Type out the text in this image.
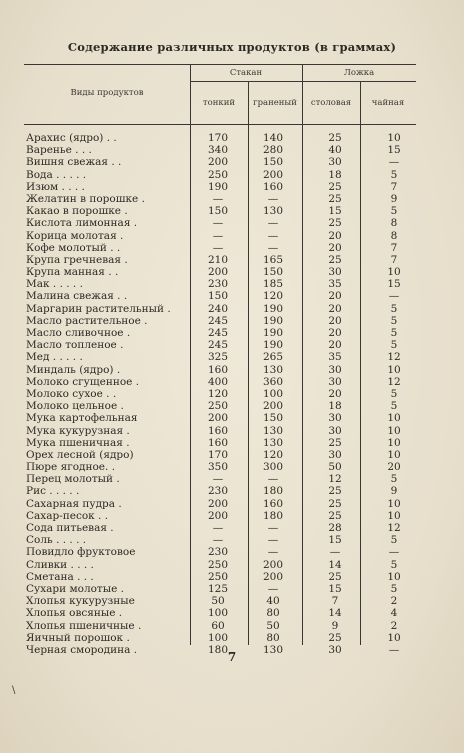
Содержание различных продуктов (в граммах)
Виды продуктов
Стакан	Ложка
тонкий	граненый	столовая	чайная
Арахис (ядро) . .	170	140	25	10
Варенье . . .	340	280	40	15
Вишня свежая . .	200	150	30	—
Вода . . . . .	250	200	18	5
Изюм . . . .	190	160	25	7
Желатин в порошке .	—	—	25	9
Какао в порошке .	150	130	15	5
Кислота лимонная .	—	—	25	8
Корица молотая .	—	—	20	8
Кофе молотый . .	—	—	20	7
Крупа гречневая .	210	165	25	7
Крупа манная . .	200	150	30	10
Мак . . . . .	230	185	35	15
Малина свежая . .	150	120	20	—
Маргарин растительный .	240	190	20	5
Масло растительное .	245	190	20	5
Масло сливочное .	245	190	20	5
Масло топленое .	245	190	20	5
Мед . . . . .	325	265	35	12
Миндаль (ядро) .	160	130	30	10
Молоко сгущенное .	400	360	30	12
Молоко сухое . .	120	100	20	5
Молоко цельное .	250	200	18	5
Мука картофельная	200	150	30	10
Мука кукурузная .	160	130	30	10
Мука пшеничная .	160	130	25	10
Орех лесной (ядро)	170	120	30	10
Пюре ягодное. .	350	300	50	20
Перец молотый .	—	—	12	5
Рис . . . . .	230	180	25	9
Сахарная пудра .	200	160	25	10
Сахар-песок . .	200	180	25	10
Сода питьевая .	—	—	28	12
Соль . . . . .	—	—	15	5
Повидло фруктовое	230	—	—	—
Сливки . . . .	250	200	14	5
Сметана . . .	250	200	25	10
Сухари молотые .	125	—	15	5
Хлопья кукурузные	50	40	7	2
Хлопья овсяные .	100	80	14	4
Хлопья пшеничные .	60	50	9	2
Яичный порошок .	100	80	25	10
Черная смородина .	180	130	30	—
7
\
